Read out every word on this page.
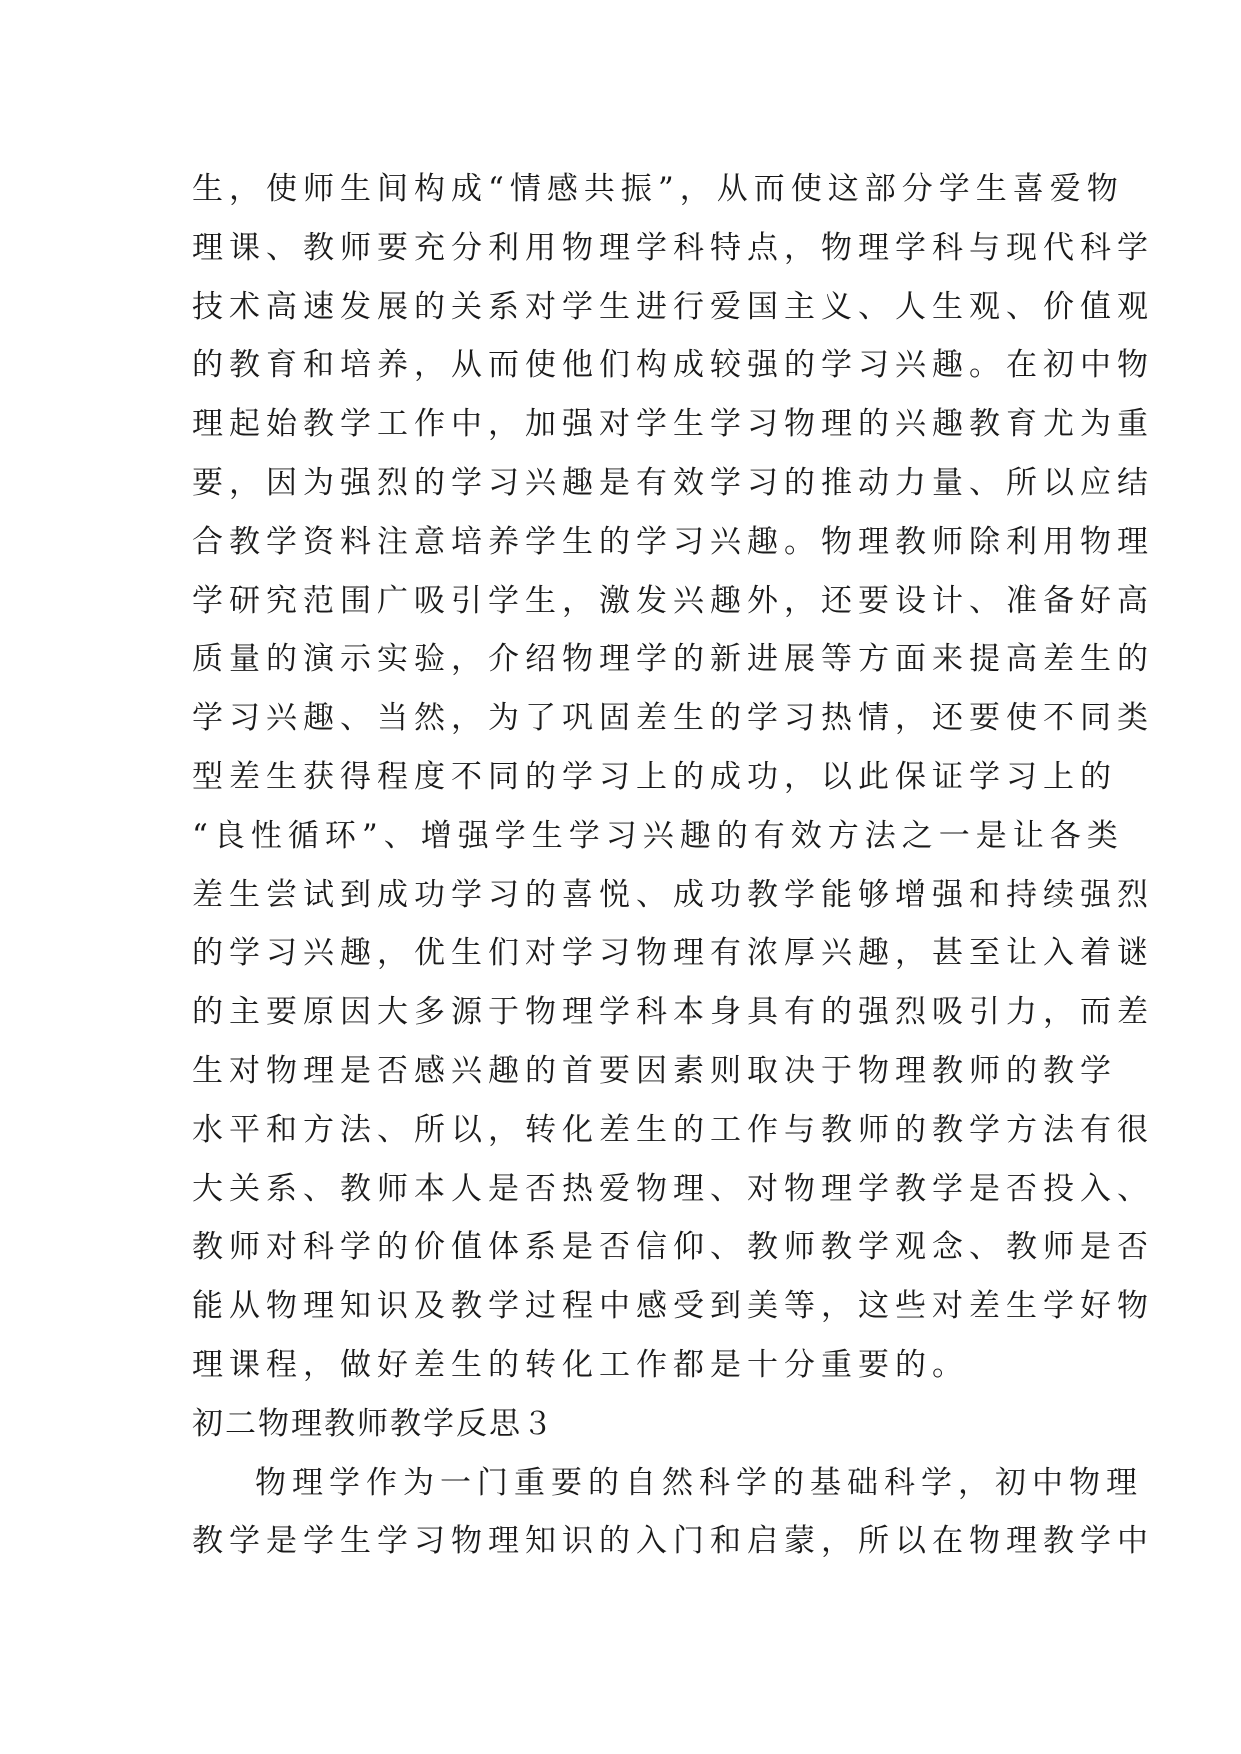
生，使师生间构成“情感共振”，从而使这部分学生喜爱物
理课、教师要充分利用物理学科特点，物理学科与现代科学
技术高速发展的关系对学生进行爱国主义、人生观、价值观
的教育和培养，从而使他们构成较强的学习兴趣。在初中物
理起始教学工作中，加强对学生学习物理的兴趣教育尤为重
要，因为强烈的学习兴趣是有效学习的推动力量、所以应结
合教学资料注意培养学生的学习兴趣。物理教师除利用物理
学研究范围广吸引学生，激发兴趣外，还要设计、准备好高
质量的演示实验，介绍物理学的新进展等方面来提高差生的
学习兴趣、当然，为了巩固差生的学习热情，还要使不同类
型差生获得程度不同的学习上的成功，以此保证学习上的
“良性循环”、增强学生学习兴趣的有效方法之一是让各类
差生尝试到成功学习的喜悦、成功教学能够增强和持续强烈
的学习兴趣，优生们对学习物理有浓厚兴趣，甚至让入着谜
的主要原因大多源于物理学科本身具有的强烈吸引力，而差
生对物理是否感兴趣的首要因素则取决于物理教师的教学
水平和方法、所以，转化差生的工作与教师的教学方法有很
大关系、教师本人是否热爱物理、对物理学教学是否投入、
教师对科学的价值体系是否信仰、教师教学观念、教师是否
能从物理知识及教学过程中感受到美等，这些对差生学好物
理课程，做好差生的转化工作都是十分重要的。
初二物理教师教学反思３
物理学作为一门重要的自然科学的基础科学，初中物理
教学是学生学习物理知识的入门和启蒙，所以在物理教学中
